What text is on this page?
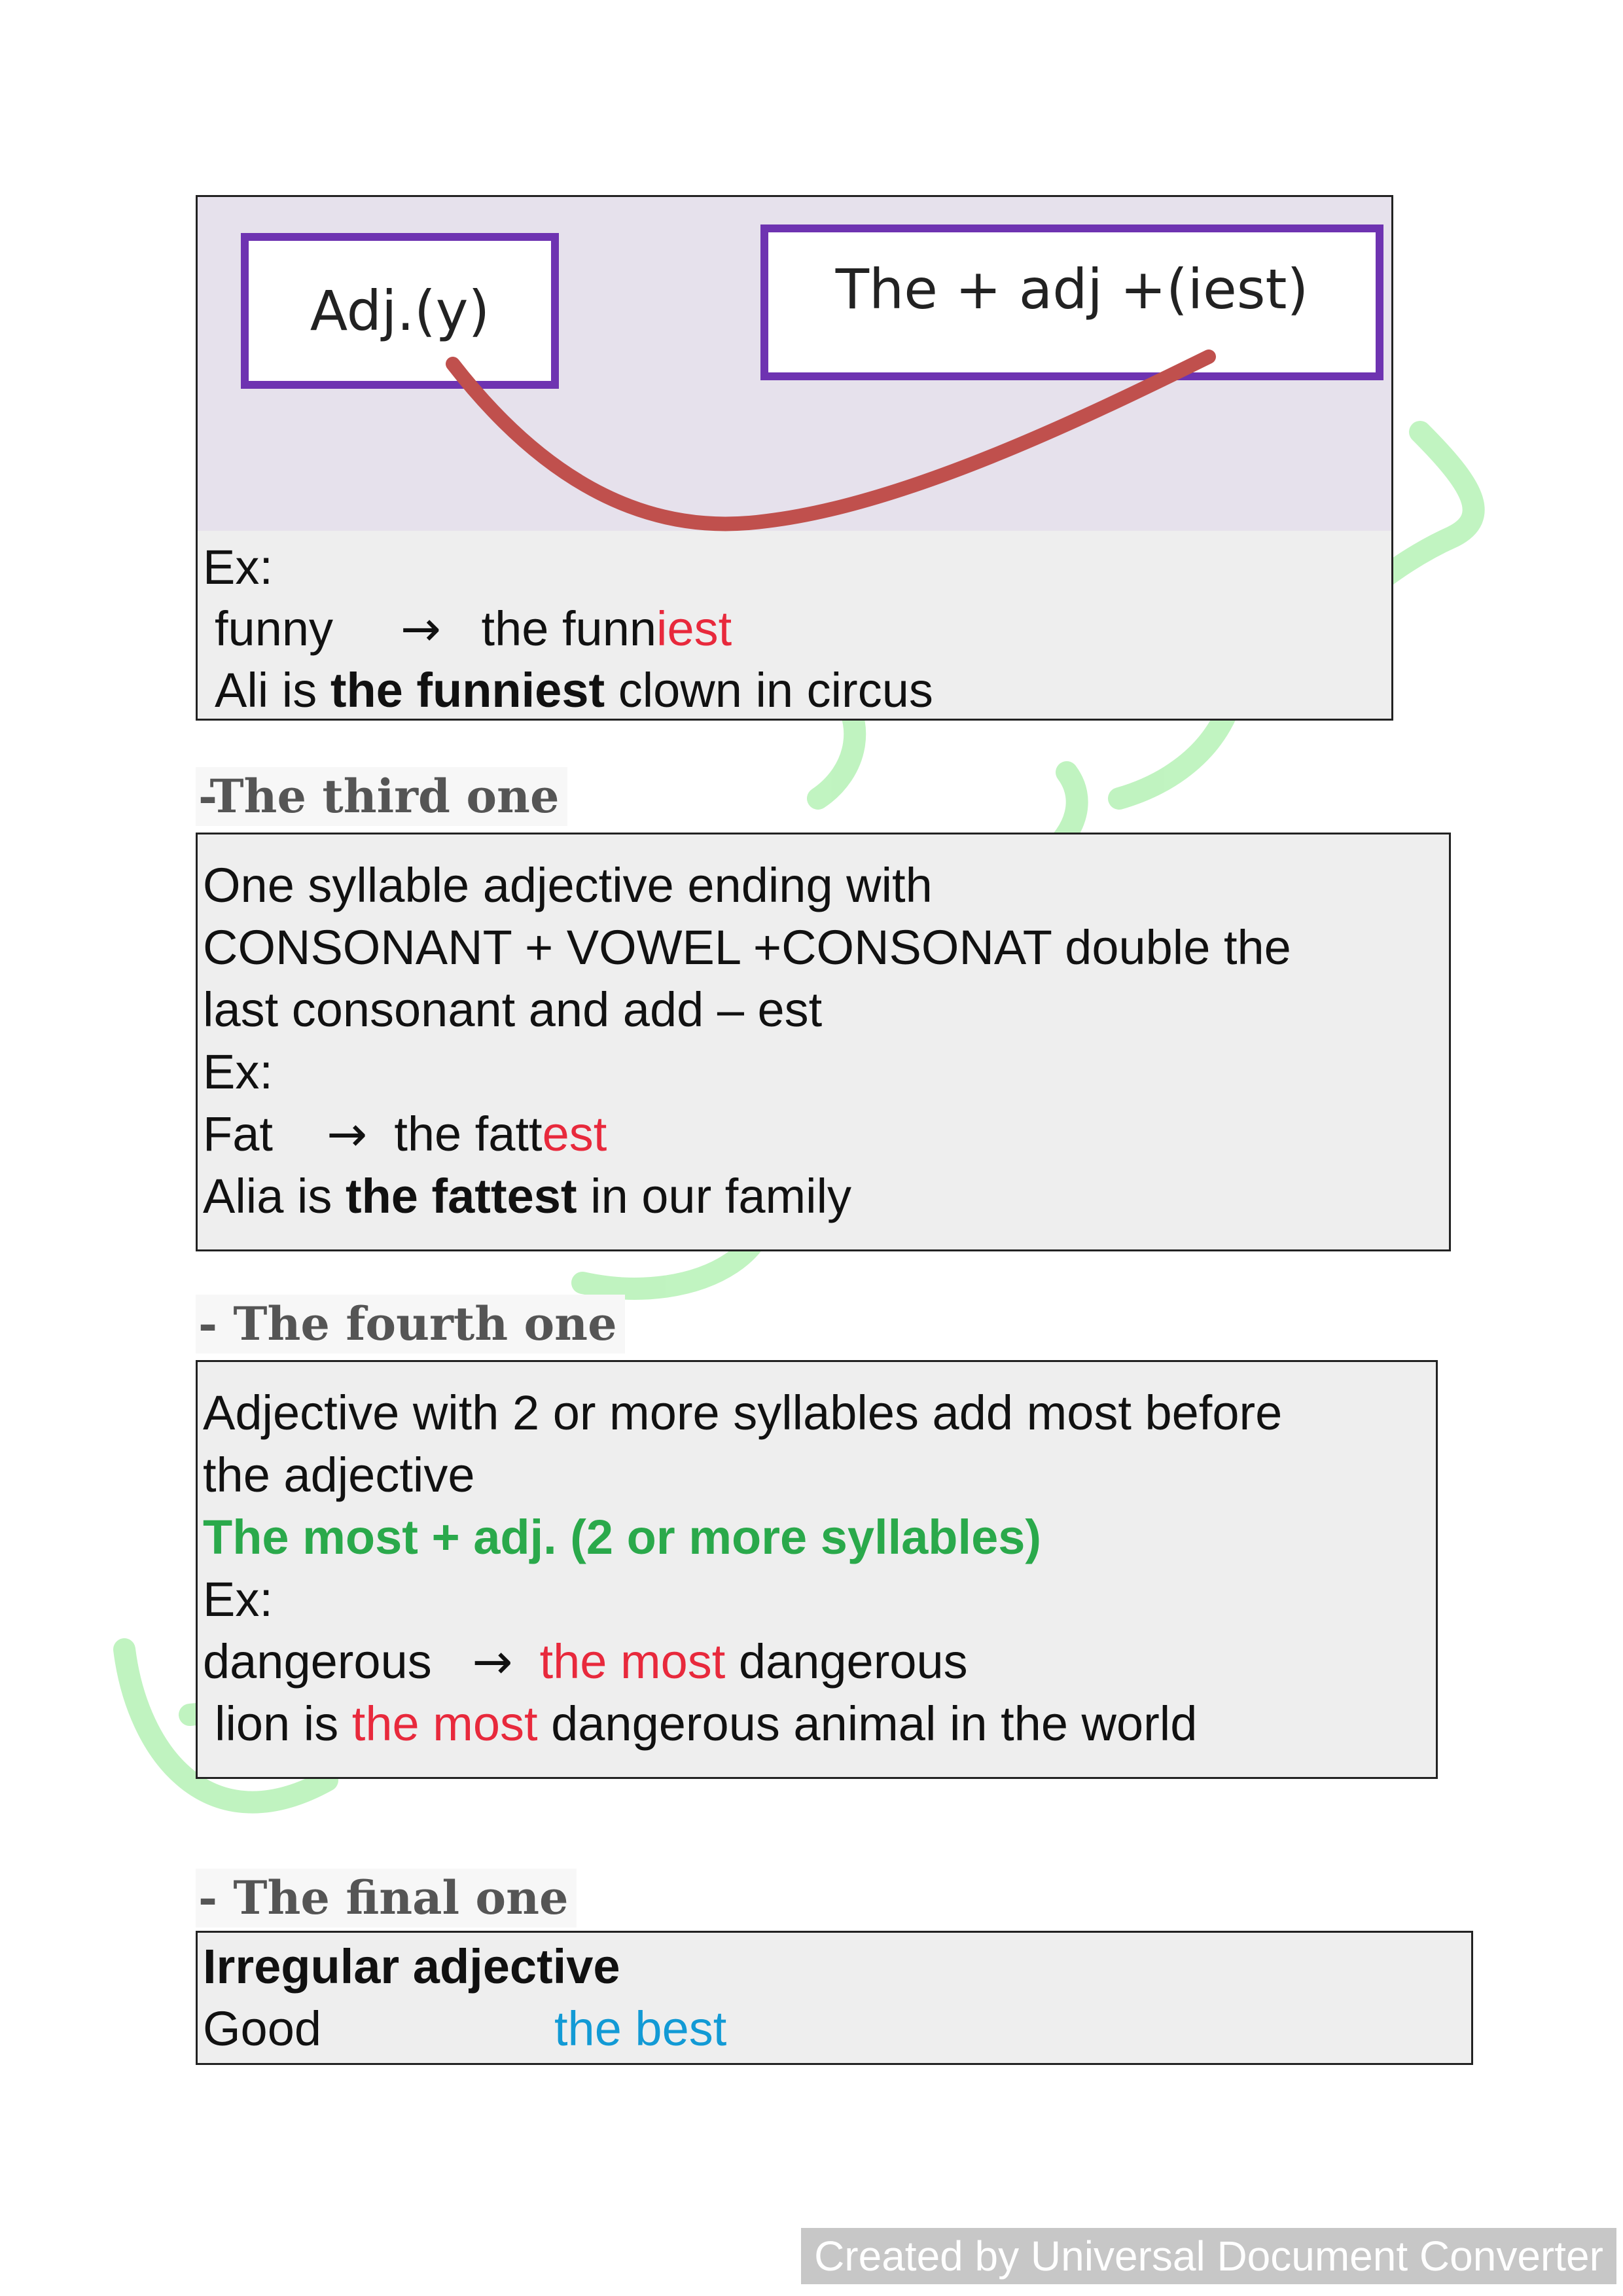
Adj.(y)	The + adj +(iest)
Ex:
funny → the funniest
Ali is the funniest clown in circus
-The third one
One syllable adjective ending with
CONSONANT + VOWEL +CONSONAT double the
last consonant and add – est
Ex:
Fat → the fattest
Alia is the fattest in our family
- The fourth one
Adjective with 2 or more syllables add most before
the adjective
The most + adj. (2 or more syllables)
Ex:
dangerous → the most dangerous
lion is the most dangerous animal in the world
- The final one
Irregular adjective
Good	the best
Created by Universal Document Converter
